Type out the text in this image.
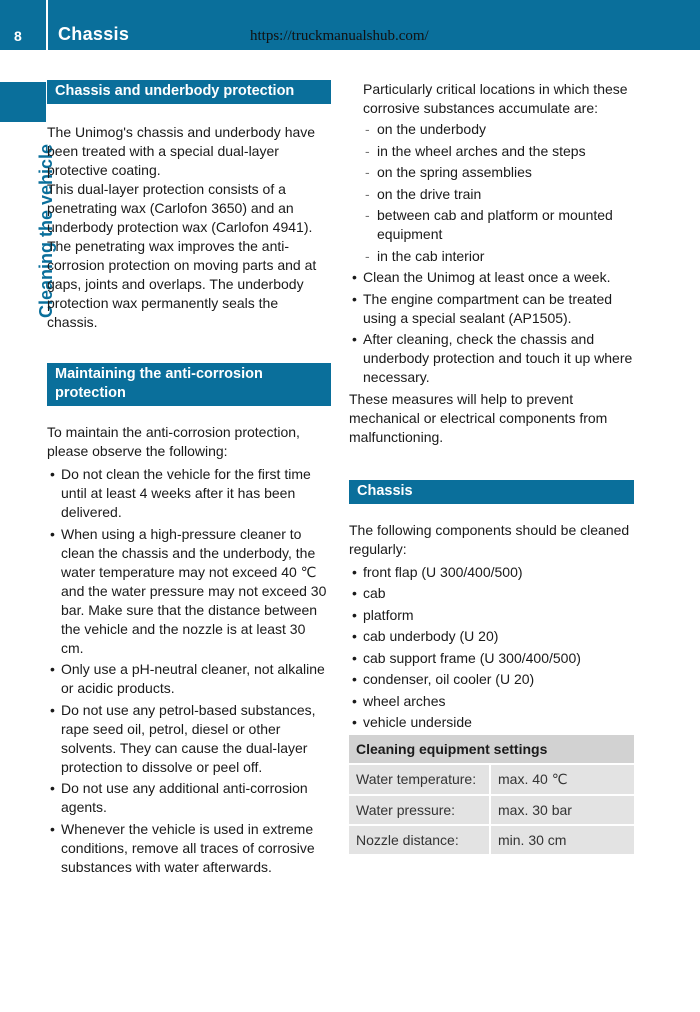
8 Chassis	https://truckmanualshub.com/
Cleaning the vehicle
Chassis and underbody protection

The Unimog's chassis and underbody have been treated with a special dual-layer protective coating.

This dual-layer protection consists of a penetrating wax (Carlofon 3650) and an underbody protection wax (Carlofon 4941). The penetrating wax improves the anti-corrosion protection on moving parts and at gaps, joints and overlaps. The underbody protection wax permanently seals the chassis.

Maintaining the anti-corrosion protection

To maintain the anti-corrosion protection, please observe the following:

• Do not clean the vehicle for the first time until at least 4 weeks after it has been delivered.
• When using a high-pressure cleaner to clean the chassis and the underbody, the water temperature may not exceed 40 ℃ and the water pressure may not exceed 30 bar. Make sure that the distance between the vehicle and the nozzle is at least 30 cm.
• Only use a pH-neutral cleaner, not alkaline or acidic products.
• Do not use any petrol-based substances, rape seed oil, petrol, diesel or other solvents. They can cause the dual-layer protection to dissolve or peel off.
• Do not use any additional anti-corrosion agents.
• Whenever the vehicle is used in extreme conditions, remove all traces of corrosive substances with water afterwards.

Particularly critical locations in which these corrosive substances accumulate are:

- on the underbody
- in the wheel arches and the steps
- on the spring assemblies
- on the drive train
- between cab and platform or mounted equipment
- in the cab interior
• Clean the Unimog at least once a week.
• The engine compartment can be treated using a special sealant (AP1505).
• After cleaning, check the chassis and underbody protection and touch it up where necessary.

These measures will help to prevent mechanical or electrical components from malfunctioning.

Chassis

The following components should be cleaned regularly:

• front flap (U 300/400/500)
• cab
• platform
• cab underbody (U 20)
• cab support frame (U 300/400/500)
• condenser, oil cooler (U 20)
• wheel arches
• vehicle underside
Cleaning equipment settings	
Water temperature:	max. 40 ℃
Water pressure:	max. 30 bar
Nozzle distance:	min. 30 cm
